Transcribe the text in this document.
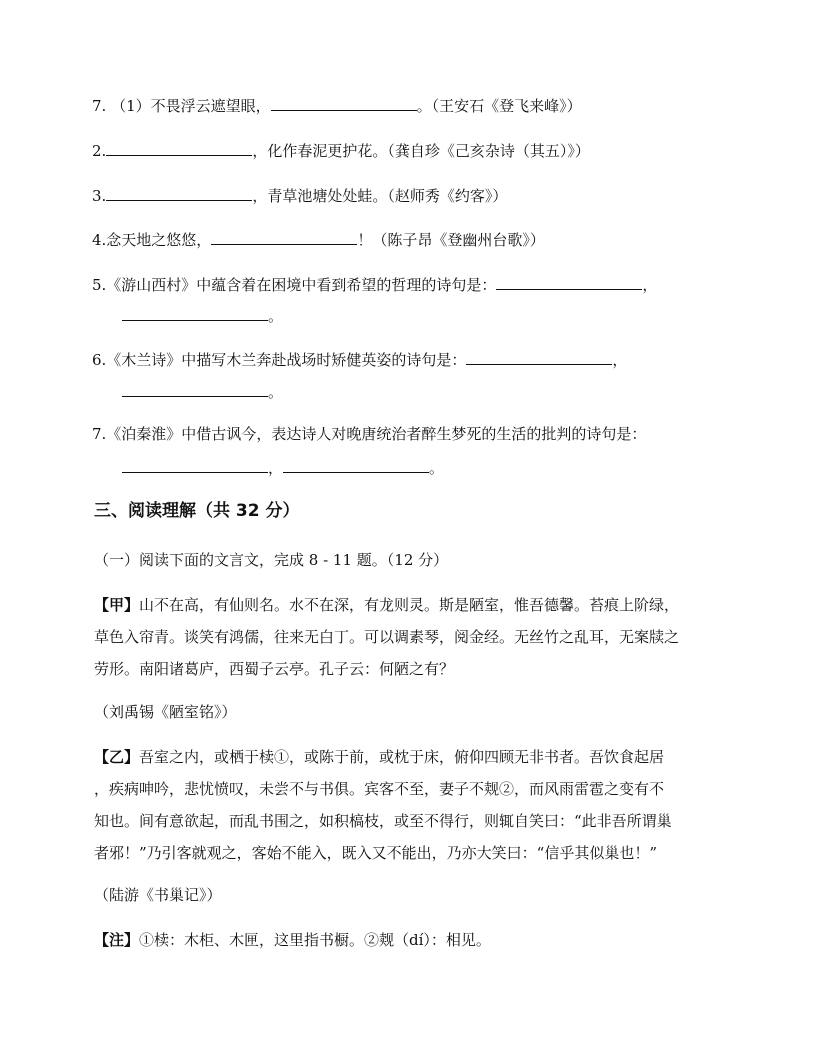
7. （1）不畏浮云遮望眼，	。（王安石《登飞来峰》）
2.	，化作春泥更护花。（龚自珍《己亥杂诗（其五）》）
3.	，青草池塘处处蛙。（赵师秀《约客》）
4.念天地之悠悠，	！（陈子昂《登幽州台歌》）
5.《游山西村》中蕴含着在困境中看到希望的哲理的诗句是：	，
。
6.《木兰诗》中描写木兰奔赴战场时矫健英姿的诗句是：	，
。
7.《泊秦淮》中借古讽今，表达诗人对晚唐统治者醉生梦死的生活的批判的诗句是：
，	。
三、阅读理解（共 32 分）
（一）阅读下面的文言文，完成 8 - 11 题。（12 分）
【甲】山不在高，有仙则名。水不在深，有龙则灵。斯是陋室，惟吾德馨。苔痕上阶绿，
草色入帘青。谈笑有鸿儒，往来无白丁。可以调素琴，阅金经。无丝竹之乱耳，无案牍之
劳形。南阳诸葛庐，西蜀子云亭。孔子云：何陋之有？
（刘禹锡《陋室铭》）
【乙】吾室之内，或栖于椟①，或陈于前，或枕于床，俯仰四顾无非书者。吾饮食起居
，疾病呻吟，悲忧愤叹，未尝不与书俱。宾客不至，妻子不觌②，而风雨雷雹之变有不
知也。间有意欲起，而乱书围之，如积槁枝，或至不得行，则辄自笑曰：“此非吾所谓巢
者邪！”乃引客就观之，客始不能入，既入又不能出，乃亦大笑曰：“信乎其似巢也！”
（陆游《书巢记》）
【注】①椟：木柜、木匣，这里指书橱。②觌（dí）：相见。
